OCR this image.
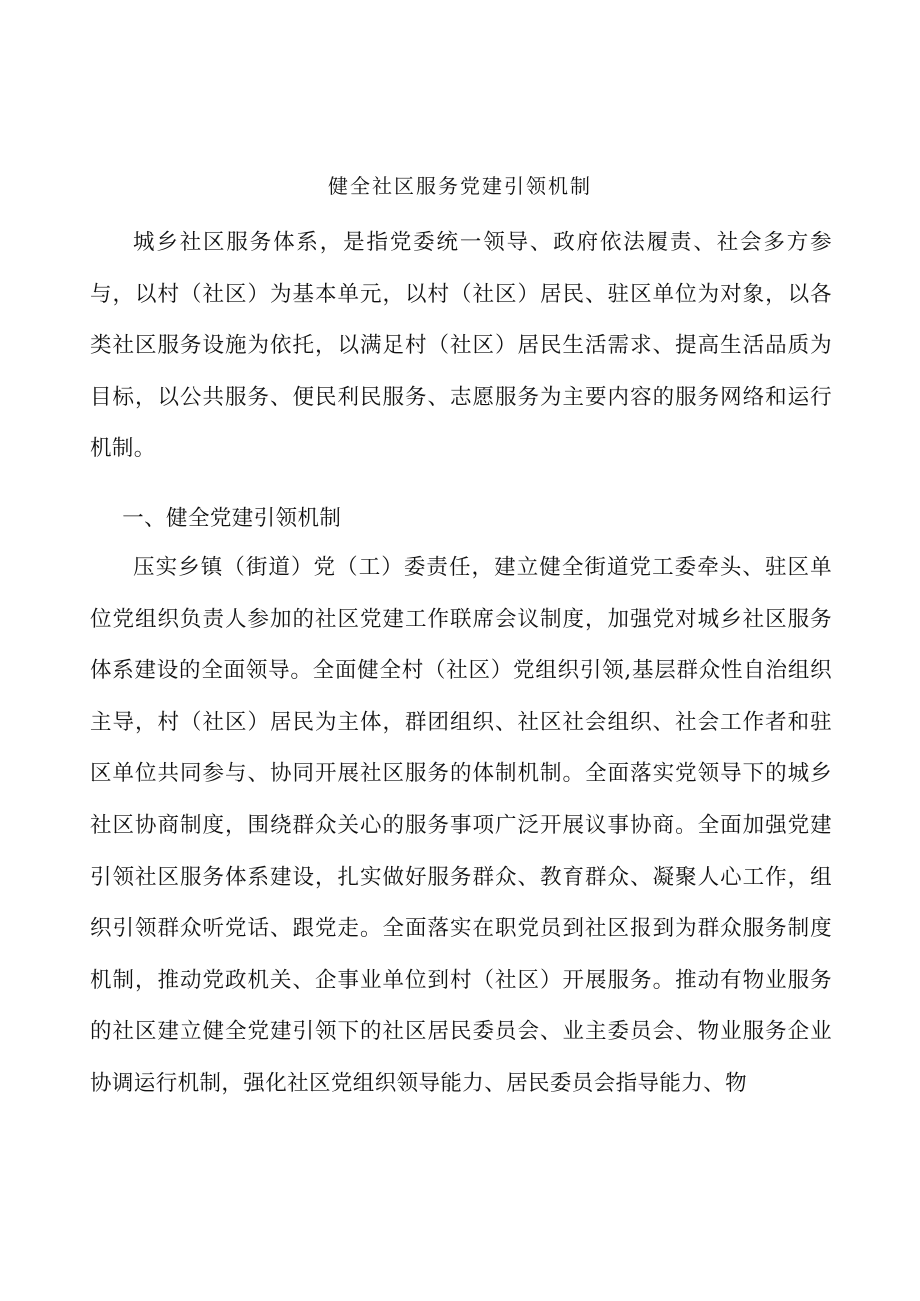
健全社区服务党建引领机制

城乡社区服务体系，是指党委统一领导、政府依法履责、社会多方参与，以村（社区）为基本单元，以村（社区）居民、驻区单位为对象，以各类社区服务设施为依托，以满足村（社区）居民生活需求、提高生活品质为目标，以公共服务、便民利民服务、志愿服务为主要内容的服务网络和运行机制。

一、健全党建引领机制

压实乡镇（街道）党（工）委责任，建立健全街道党工委牵头、驻区单位党组织负责人参加的社区党建工作联席会议制度，加强党对城乡社区服务体系建设的全面领导。全面健全村（社区）党组织引领,基层群众性自治组织主导，村（社区）居民为主体，群团组织、社区社会组织、社会工作者和驻区单位共同参与、协同开展社区服务的体制机制。全面落实党领导下的城乡社区协商制度，围绕群众关心的服务事项广泛开展议事协商。全面加强党建引领社区服务体系建设，扎实做好服务群众、教育群众、凝聚人心工作，组织引领群众听党话、跟党走。全面落实在职党员到社区报到为群众服务制度机制，推动党政机关、企事业单位到村（社区）开展服务。推动有物业服务的社区建立健全党建引领下的社区居民委员会、业主委员会、物业服务企业协调运行机制，强化社区党组织领导能力、居民委员会指导能力、物
